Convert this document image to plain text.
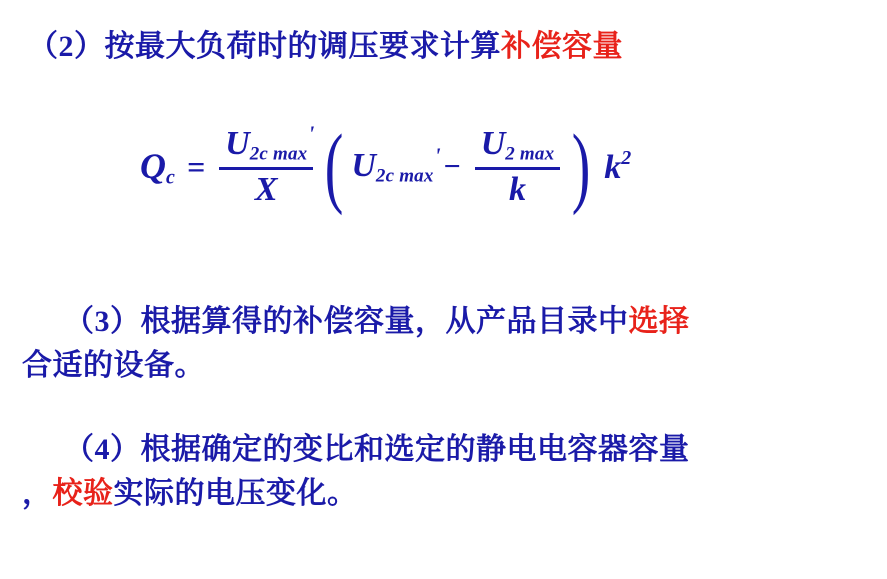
（2）按最大负荷时的调压要求计算补偿容量
$Q_c = U$	'
$_{2c max}$
X ( U	'
$_{2c max} - \frac{U_{2 max}}{k}$ ) $k^2$
（3）根据算得的补偿容量，从产品目录中选择
合适的设备。
（4）根据确定的变比和选定的静电电容器容量
，校验实际的电压变化。
